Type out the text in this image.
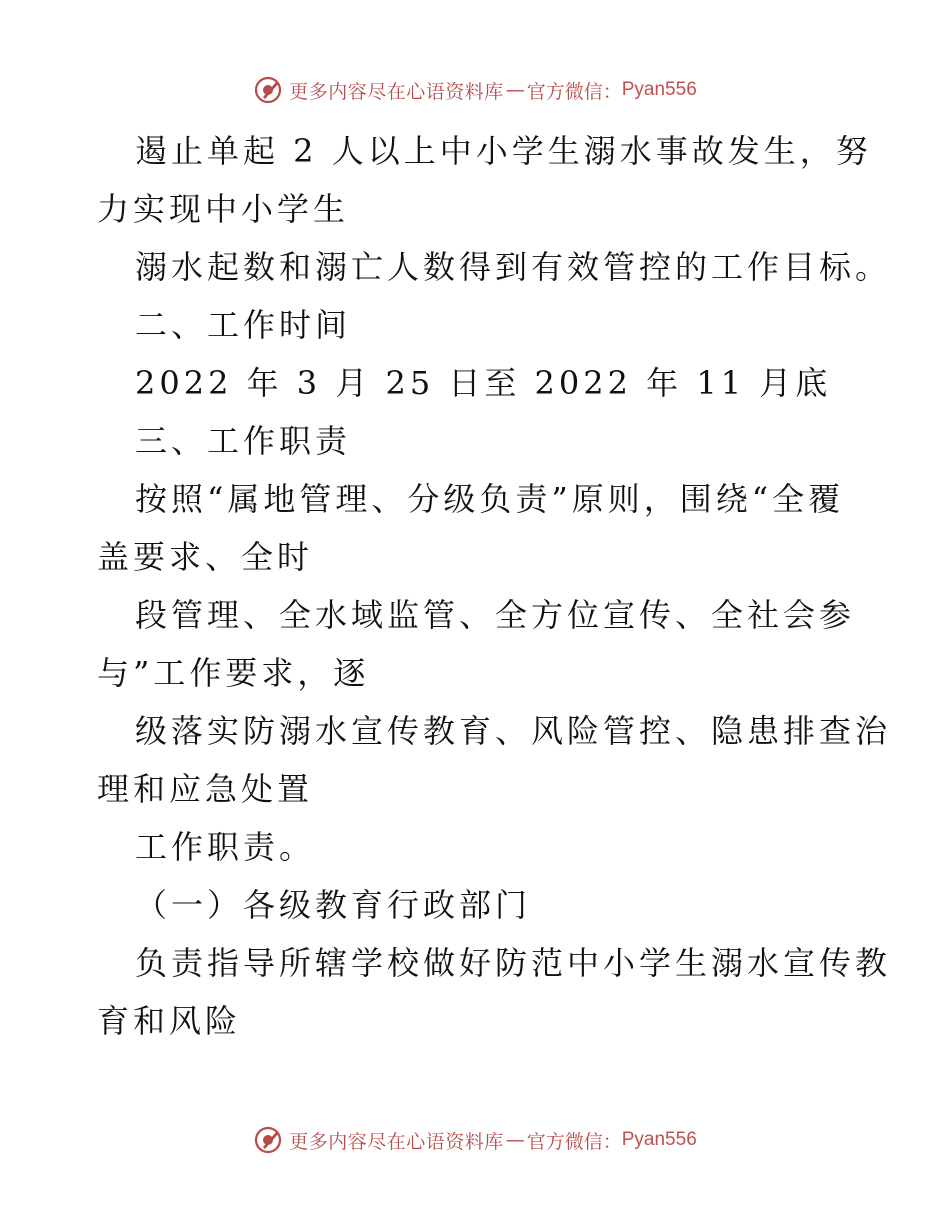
更多内容尽在心语资料库 — 官方微信： Pyan556
遏止单起 2 人以上中小学生溺水事故发生，努
力实现中小学生
溺水起数和溺亡人数得到有效管控的工作目标。
二、工作时间
2022 年 3 月 25 日至 2022 年 11 月底
三、工作职责
按照“属地管理、分级负责”原则，围绕“全覆
盖要求、全时
段管理、全水域监管、全方位宣传、全社会参
与”工作要求，逐
级落实防溺水宣传教育、风险管控、隐患排查治
理和应急处置
工作职责。
（一）各级教育行政部门
负责指导所辖学校做好防范中小学生溺水宣传教
育和风险
更多内容尽在心语资料库 — 官方微信： Pyan556
